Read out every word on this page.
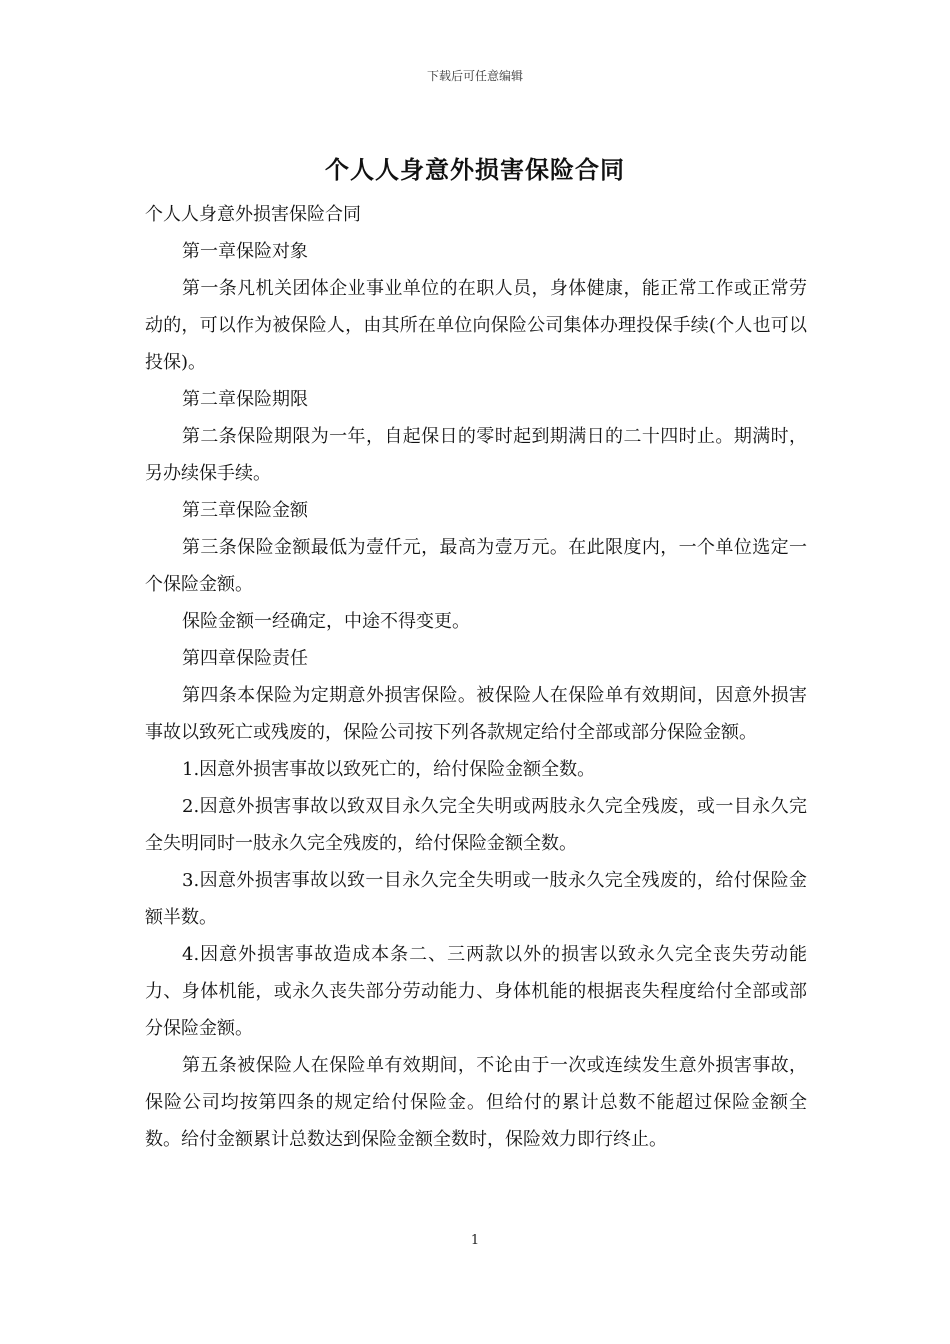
下载后可任意编辑
个人人身意外损害保险合同

个人人身意外损害保险合同

第一章保险对象

第一条凡机关团体企业事业单位的在职人员，身体健康，能正常工作或正常劳动的，可以作为被保险人，由其所在单位向保险公司集体办理投保手续(个人也可以投保)。

第二章保险期限

第二条保险期限为一年，自起保日的零时起到期满日的二十四时止。期满时，另办续保手续。

第三章保险金额

第三条保险金额最低为壹仟元，最高为壹万元。在此限度内，一个单位选定一个保险金额。

保险金额一经确定，中途不得变更。

第四章保险责任

第四条本保险为定期意外损害保险。被保险人在保险单有效期间，因意外损害事故以致死亡或残废的，保险公司按下列各款规定给付全部或部分保险金额。

1.因意外损害事故以致死亡的，给付保险金额全数。

2.因意外损害事故以致双目永久完全失明或两肢永久完全残废，或一目永久完全失明同时一肢永久完全残废的，给付保险金额全数。

3.因意外损害事故以致一目永久完全失明或一肢永久完全残废的，给付保险金额半数。

4.因意外损害事故造成本条二、三两款以外的损害以致永久完全丧失劳动能力、身体机能，或永久丧失部分劳动能力、身体机能的根据丧失程度给付全部或部分保险金额。

第五条被保险人在保险单有效期间，不论由于一次或连续发生意外损害事故，保险公司均按第四条的规定给付保险金。但给付的累计总数不能超过保险金额全数。给付金额累计总数达到保险金额全数时，保险效力即行终止。

1
